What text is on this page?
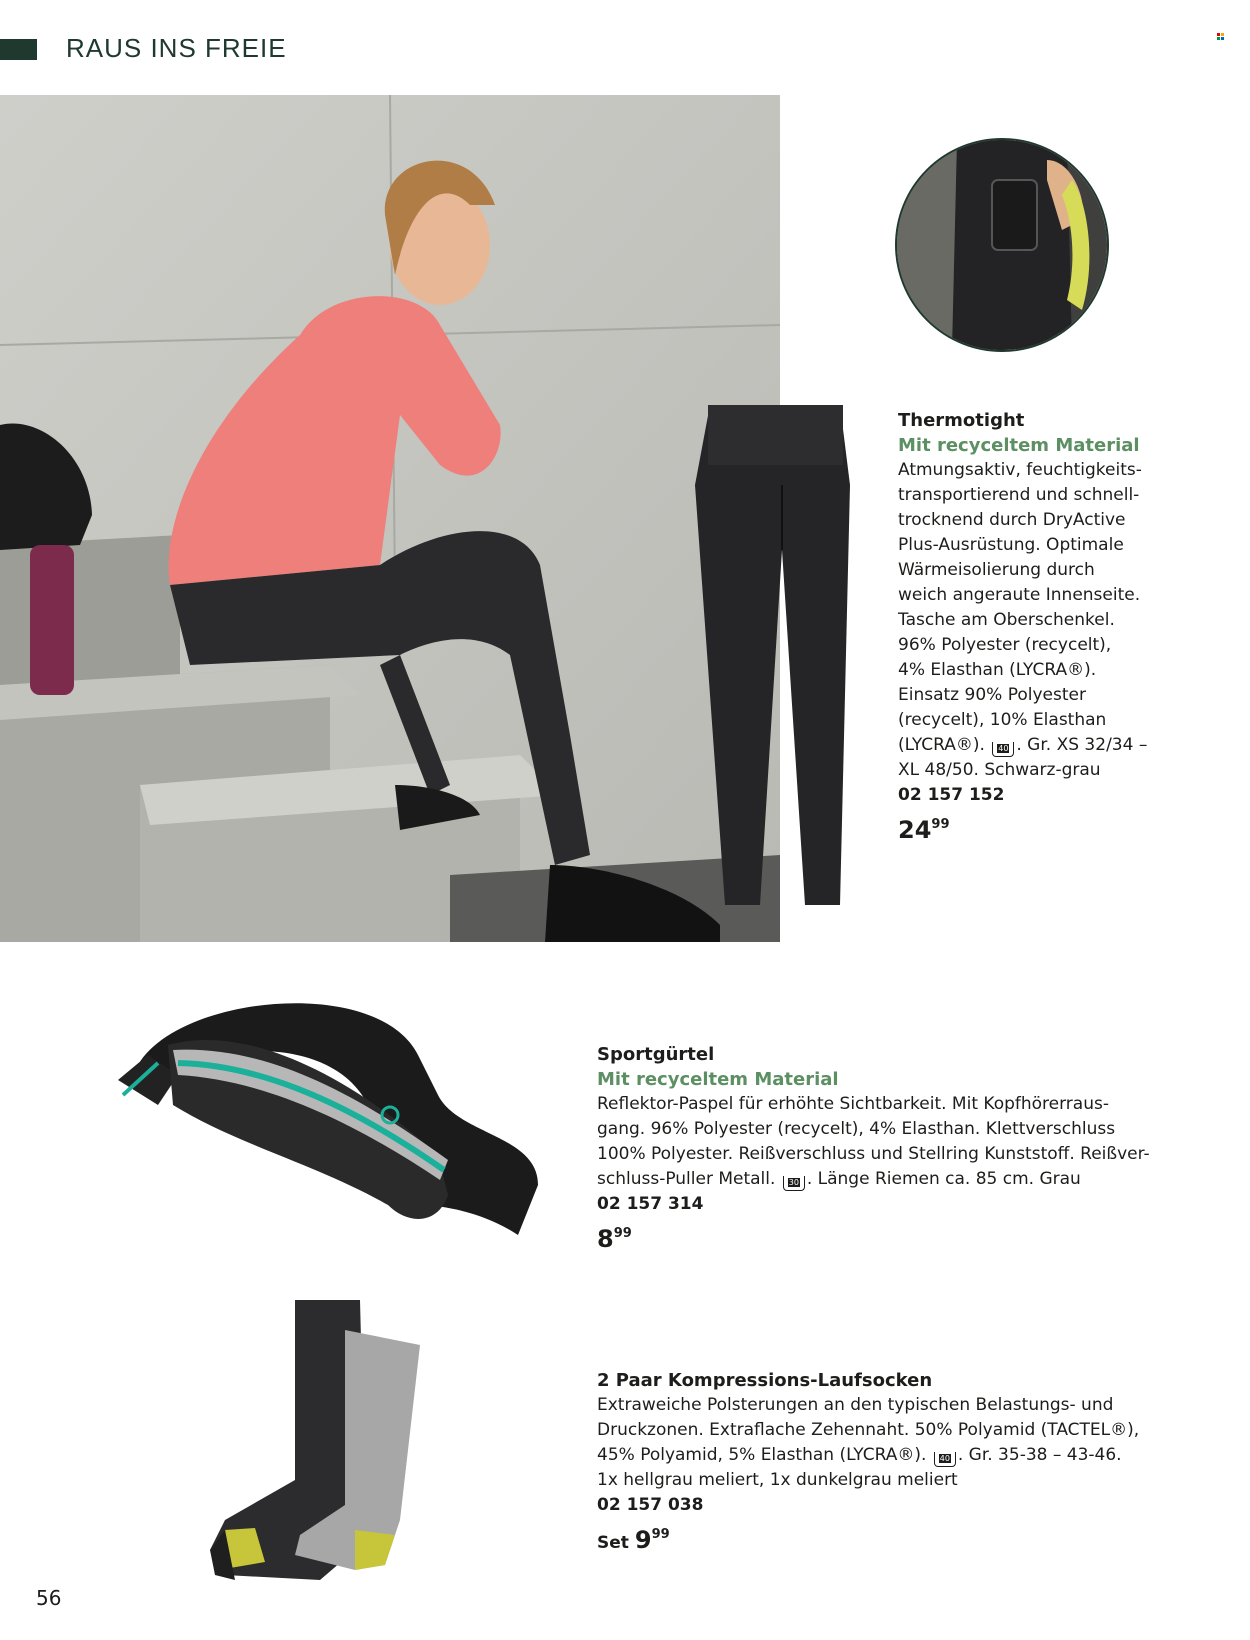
RAUS INS FREIE
Thermotight
Mit recyceltem Material
Atmungsaktiv, feuchtigkeits-
transportierend und schnell-
trocknend durch DryActive
Plus-Ausrüstung. Optimale
Wärmeisolierung durch
weich angeraute Innenseite.
Tasche am Oberschenkel.
96% Polyester (recycelt),
4% Elasthan (LYCRA®).
Einsatz 90% Polyester
(recycelt), 10% Elasthan
(LYCRA®). 40 . Gr. XS 32/34 –
XL 48/50. Schwarz-grau
02 157 152
$24^{99}$
Sportgürtel
Mit recyceltem Material
Reflektor-Paspel für erhöhte Sichtbarkeit. Mit Kopfhörerraus-
gang. 96% Polyester (recycelt), 4% Elasthan. Klettverschluss
100% Polyester. Reißverschluss und Stellring Kunststoff. Reißver-
schluss-Puller Metall. 30 . Länge Riemen ca. 85 cm. Grau
02 157 314
$8^{99}$
2 Paar Kompressions-Laufsocken
Extraweiche Polsterungen an den typischen Belastungs- und
Druckzonen. Extraflache Zehennaht. 50% Polyamid (TACTEL®),
45% Polyamid, 5% Elasthan (LYCRA®). 40 . Gr. 35-38 – 43-46.
1x hellgrau meliert, 1x dunkelgrau meliert
02 157 038
Set $9^{99}$
56
